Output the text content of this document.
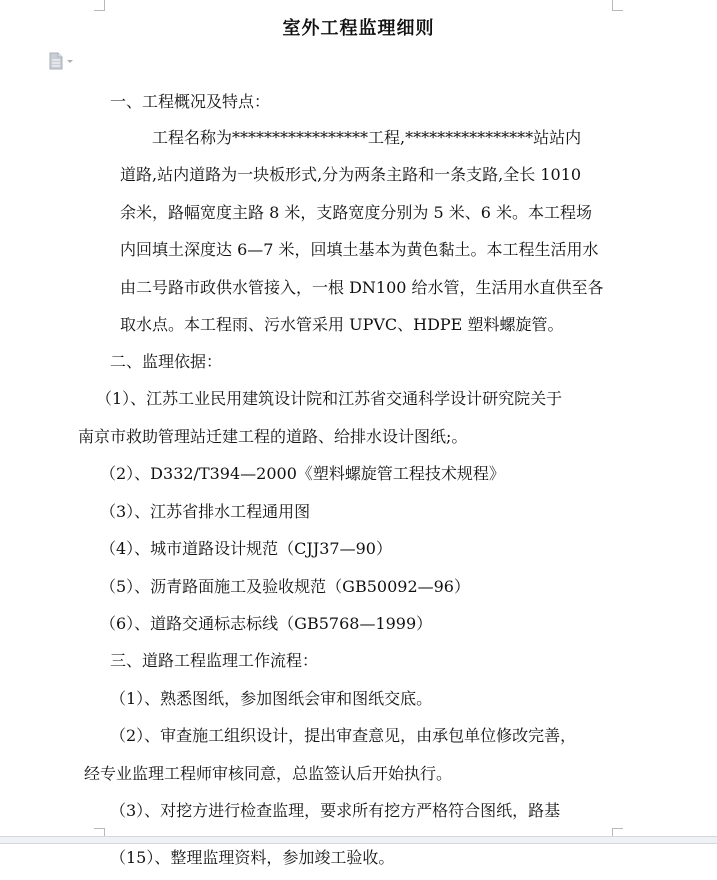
室外工程监理细则
一、工程概况及特点：
工程名称为*****************工程,****************站站内
道路,站内道路为一块板形式,分为两条主路和一条支路,全长 1010
余米，路幅宽度主路 8 米，支路宽度分别为 5 米、6 米。本工程场
内回填土深度达 6—7 米，回填土基本为黄色黏土。本工程生活用水
由二号路市政供水管接入，一根 DN100 给水管，生活用水直供至各
取水点。本工程雨、污水管采用 UPVC、HDPE 塑料螺旋管。
二、监理依据：
（1）、江苏工业民用建筑设计院和江苏省交通科学设计研究院关于
南京市救助管理站迁建工程的道路、给排水设计图纸;。
（2）、D332/T394—2000《塑料螺旋管工程技术规程》
（3）、江苏省排水工程通用图
（4）、城市道路设计规范（CJJ37—90）
（5）、沥青路面施工及验收规范（GB50092—96）
（6）、道路交通标志标线（GB5768—1999）
三、道路工程监理工作流程：
（1）、熟悉图纸，参加图纸会审和图纸交底。
（2）、审查施工组织设计，提出审查意见，由承包单位修改完善，
经专业监理工程师审核同意，总监签认后开始执行。
（3）、对挖方进行检查监理，要求所有挖方严格符合图纸，路基
（15）、整理监理资料，参加竣工验收。
